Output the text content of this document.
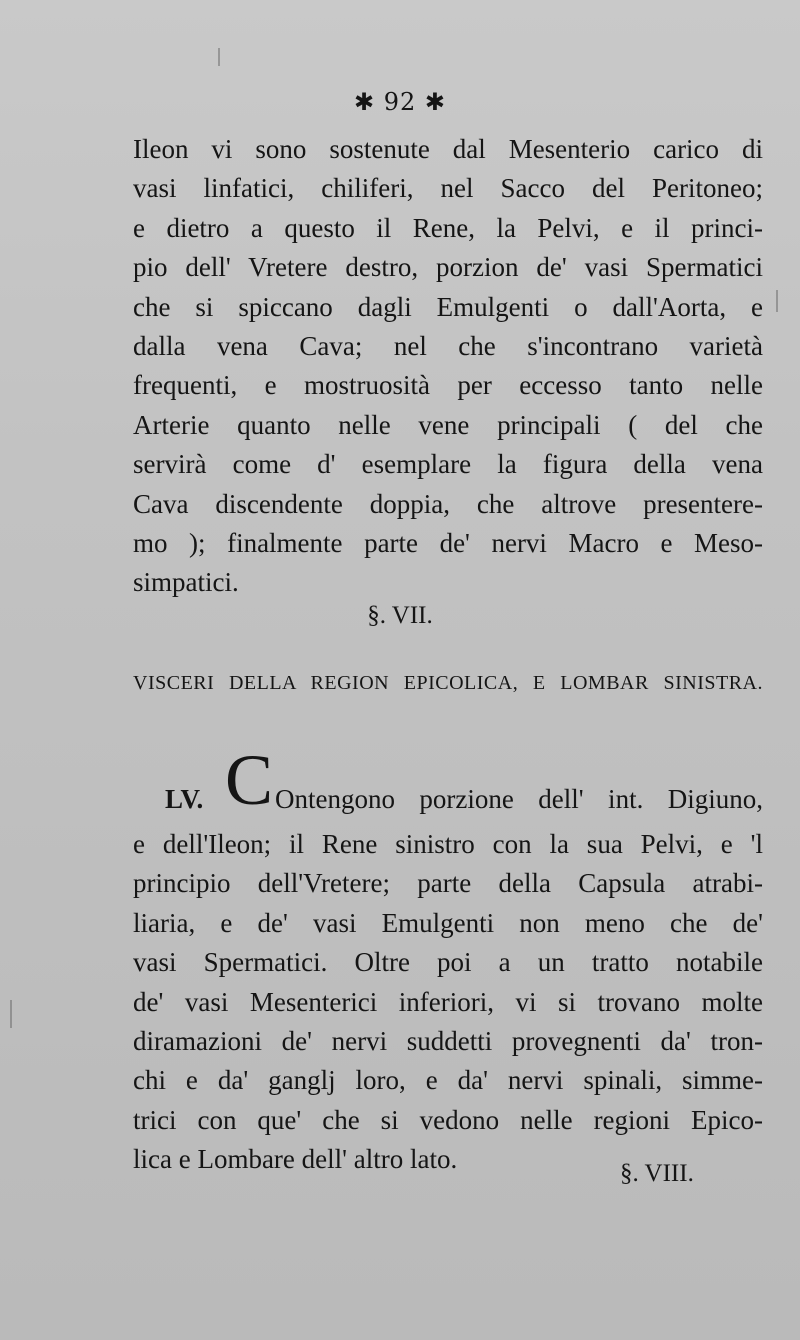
✱ 92 ✱
Ileon vi sono sostenute dal Mesenterio carico di
vasi linfatici, chiliferi, nel Sacco del Peritoneo;
e dietro a questo il Rene, la Pelvi, e il princi-
pio dell' Vretere destro, porzion de' vasi Spermatici
che si spiccano dagli Emulgenti o dall'Aorta, e
dalla vena Cava; nel che s'incontrano varietà
frequenti, e mostruosità per eccesso tanto nelle
Arterie quanto nelle vene principali ( del che
servirà come d' esemplare la figura della vena
Cava discendente doppia, che altrove presentere-
mo ); finalmente parte de' nervi Macro e Meso-
simpatici.
§. VII.
VISCERI DELLA REGION EPICOLICA, E LOMBAR SINISTRA.
LV. C Ontengono porzione dell' int. Digiuno,
e dell'Ileon; il Rene sinistro con la sua Pelvi, e 'l
principio dell'Vretere; parte della Capsula atrabi-
liaria, e de' vasi Emulgenti non meno che de'
vasi Spermatici. Oltre poi a un tratto notabile
de' vasi Mesenterici inferiori, vi si trovano molte
diramazioni de' nervi suddetti provegnenti da' tron-
chi e da' ganglj loro, e da' nervi spinali, simme-
trici con que' che si vedono nelle regioni Epico-
lica e Lombare dell' altro lato.	§. VIII.
